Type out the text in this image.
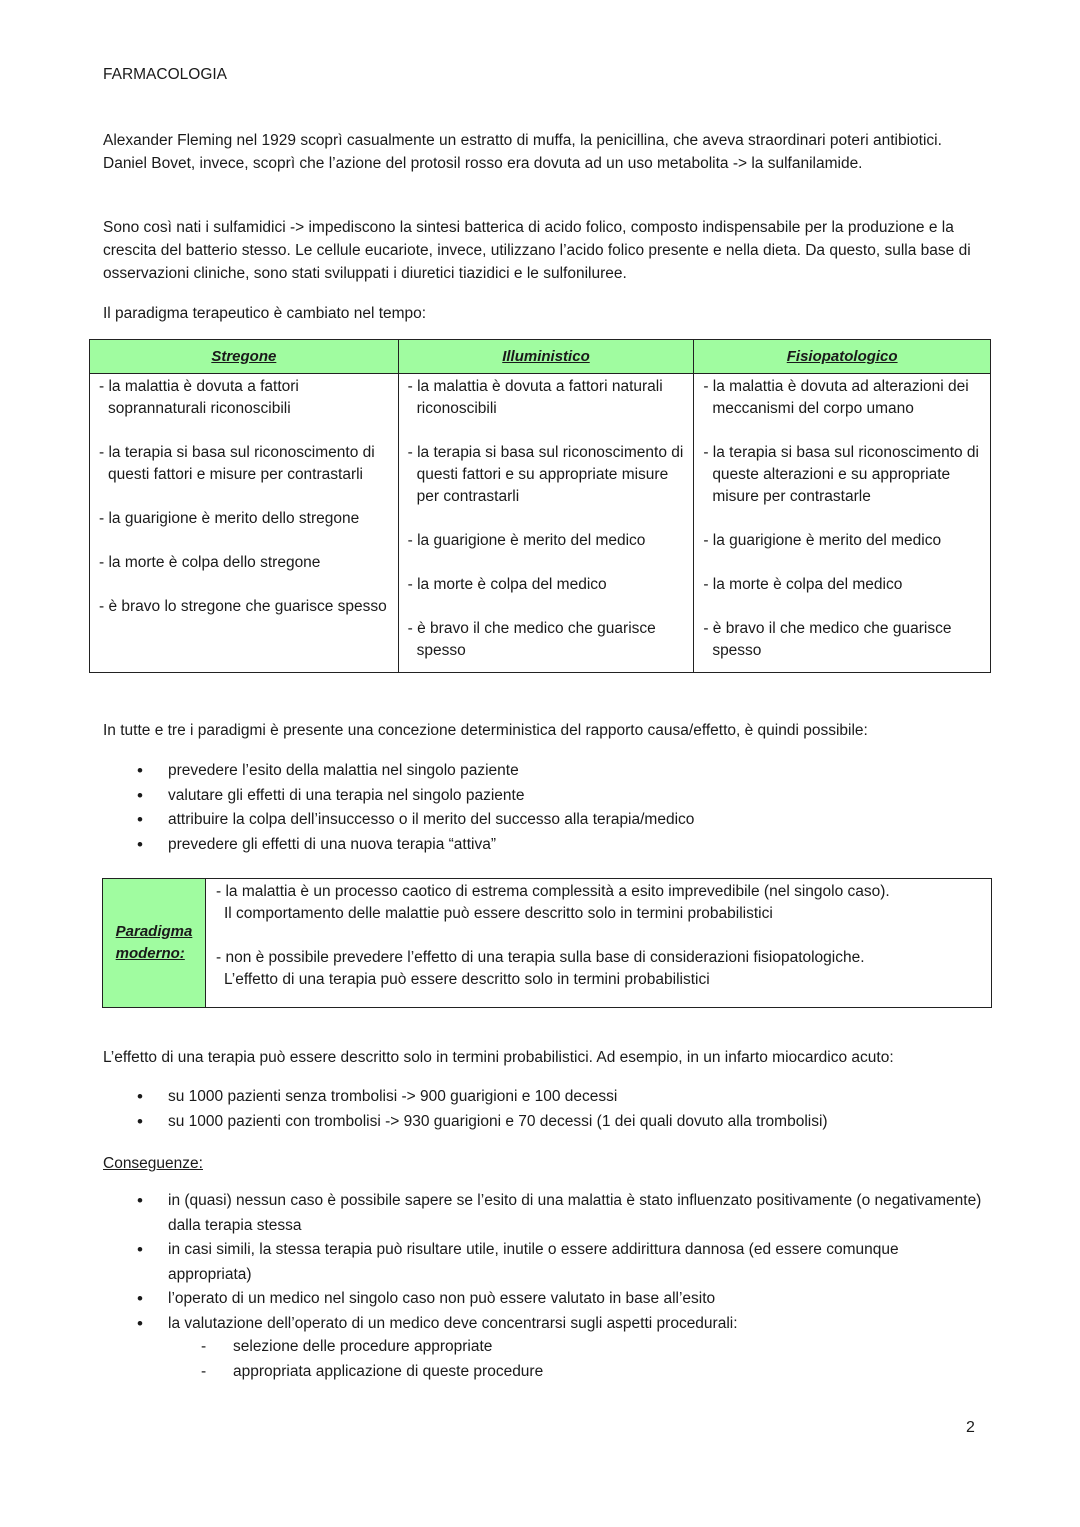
FARMACOLOGIA
Alexander Fleming nel 1929 scoprì casualmente un estratto di muffa, la penicillina, che aveva straordinari poteri antibiotici.
Daniel Bovet, invece, scoprì che l’azione del protosil rosso era dovuta ad un uso metabolita -> la sulfanilamide.
Sono così nati i sulfamidici -> impediscono la sintesi batterica di acido folico, composto indispensabile per la produzione e la crescita del batterio stesso. Le cellule eucariote, invece, utilizzano l’acido folico presente e nella dieta. Da questo, sulla base di osservazioni cliniche, sono stati sviluppati i diuretici tiazidici e le sulfoniluree.
Il paradigma terapeutico è cambiato nel tempo:
Stregone	Illuministico	Fisiopatologico

- la malattia è dovuta a fattori soprannaturali riconoscibili
- la terapia si basa sul riconoscimento di questi fattori e misure per contrastarli
- la guarigione è merito dello stregone
- la morte è colpa dello stregone
- è bravo lo stregone che guarisce spesso

- la malattia è dovuta a fattori naturali riconoscibili
- la terapia si basa sul riconoscimento di questi fattori e su appropriate misure per contrastarli
- la guarigione è merito del medico
- la morte è colpa del medico
- è bravo il che medico che guarisce spesso

- la malattia è dovuta ad alterazioni dei meccanismi del corpo umano
- la terapia si basa sul riconoscimento di queste alterazioni e su appropriate misure per contrastarle
- la guarigione è merito del medico
- la morte è colpa del medico
- è bravo il che medico che guarisce spesso
In tutte e tre i paradigmi è presente una concezione deterministica del rapporto causa/effetto, è quindi possibile:
• prevedere l’esito della malattia nel singolo paziente
• valutare gli effetti di una terapia nel singolo paziente
• attribuire la colpa dell’insuccesso o il merito del successo alla terapia/medico
• prevedere gli effetti di una nuova terapia “attiva”
Paradigma
moderno:
- la malattia è un processo caotico di estrema complessità a esito imprevedibile (nel singolo caso).
Il comportamento delle malattie può essere descritto solo in termini probabilistici
- non è possibile prevedere l’effetto di una terapia sulla base di considerazioni fisiopatologiche.
L’effetto di una terapia può essere descritto solo in termini probabilistici
L’effetto di una terapia può essere descritto solo in termini probabilistici. Ad esempio, in un infarto miocardico acuto:
• su 1000 pazienti senza trombolisi -> 900 guarigioni e 100 decessi
• su 1000 pazienti con trombolisi -> 930 guarigioni e 70 decessi (1 dei quali dovuto alla trombolisi)
Conseguenze:
• in (quasi) nessun caso è possibile sapere se l’esito di una malattia è stato influenzato positivamente (o negativamente) dalla terapia stessa
• in casi simili, la stessa terapia può risultare utile, inutile o essere addirittura dannosa (ed essere comunque appropriata)
• l’operato di un medico nel singolo caso non può essere valutato in base all’esito
• la valutazione dell’operato di un medico deve concentrarsi sugli aspetti procedurali:
- selezione delle procedure appropriate
- appropriata applicazione di queste procedure
2
